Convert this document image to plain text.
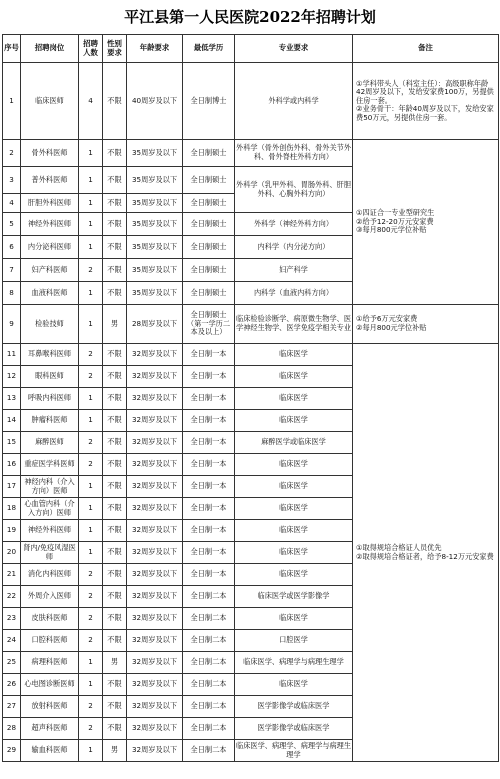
平江县第一人民医院2022年招聘计划
序号	招聘岗位	招聘人数	性别要求	年龄要求	最低学历	专业要求	备注
1	临床医师	4	不限	40周岁及以下	全日制博士	外科学或内科学	①学科带头人（科室主任）：高级职称年龄42周岁及以下，发给安家费100万，另提供住房一套。
②业务骨干：年龄40周岁及以下，发给安家费50万元，另提供住房一套。

2	骨外科医师	1	不限	35周岁及以下	全日制硕士	外科学（骨外创伤外科、骨外关节外科、骨外脊柱外科方向）	①四证合一专业型研究生
②给予12-20万元安家费
③每月800元学位补贴

3	普外科医师	1	不限	35周岁及以下	全日制硕士	外科学（乳甲外科、胃肠外科、肝胆外科、心胸外科方向）	
4	肝胆外科医师	1	不限	35周岁及以下	全日制硕士		
5	神经外科医师	1	不限	35周岁及以下	全日制硕士	外科学（神经外科方向）	
6	内分泌科医师	1	不限	35周岁及以下	全日制硕士	内科学（内分泌方向）	
7	妇产科医师	2	不限	35周岁及以下	全日制硕士	妇产科学	
8	血液科医师	1	不限	35周岁及以下	全日制硕士	内科学（血液内科方向）	
9	检验技师	1	男	28周岁及以下	全日制硕士（第一学历二本及以上）	临床检验诊断学、病原微生物学、医学神经生物学、医学免疫学相关专业	①给予6万元安家费
②每月800元学位补贴

11	耳鼻喉科医师	2	不限	32周岁及以下	全日制一本	临床医学	①取得规培合格证人员优先
②取得规培合格证者，给予8-12万元安家费

12	眼科医师	2	不限	32周岁及以下	全日制一本	临床医学	
13	呼吸内科医师	1	不限	32周岁及以下	全日制一本	临床医学	
14	肿瘤科医师	1	不限	32周岁及以下	全日制一本	临床医学	
15	麻醉医师	2	不限	32周岁及以下	全日制一本	麻醉医学或临床医学	
16	重症医学科医师	2	不限	32周岁及以下	全日制一本	临床医学	
17	神经内科（介入方向）医师	1	不限	32周岁及以下	全日制一本	临床医学	
18	心血管内科（介入方向）医师	1	不限	32周岁及以下	全日制一本	临床医学	
19	神经外科医师	1	不限	32周岁及以下	全日制一本	临床医学	
20	肾内/免疫风湿医师	1	不限	32周岁及以下	全日制一本	临床医学	
21	消化内科医师	2	不限	32周岁及以下	全日制一本	临床医学	
22	外周介入医师	2	不限	32周岁及以下	全日制二本	临床医学或医学影像学	
23	皮肤科医师	2	不限	32周岁及以下	全日制二本	临床医学	
24	口腔科医师	2	不限	32周岁及以下	全日制二本	口腔医学	
25	病理科医师	1	男	32周岁及以下	全日制二本	临床医学、病理学与病理生理学	
26	心电图诊断医师	1	不限	32周岁及以下	全日制二本	临床医学	
27	放射科医师	2	不限	32周岁及以下	全日制二本	医学影像学或临床医学	
28	超声科医师	2	不限	32周岁及以下	全日制二本	医学影像学或临床医学	
29	输血科医师	1	男	32周岁及以下	全日制二本	临床医学、病理学、病理学与病理生理学	
